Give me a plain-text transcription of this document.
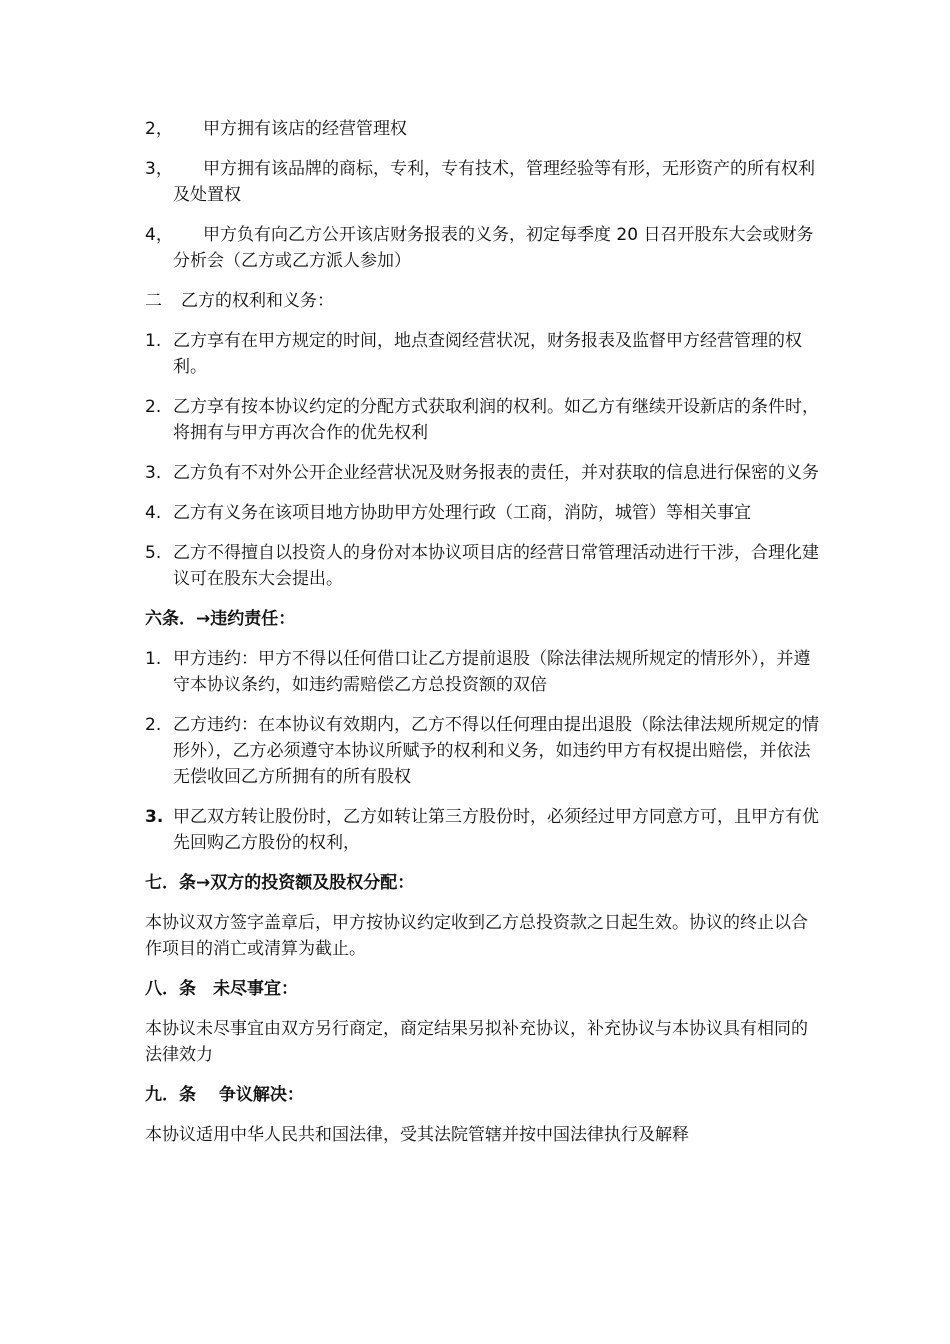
2，	甲方拥有该店的经营管理权
3，	甲方拥有该品牌的商标，专利，专有技术，管理经验等有形，无形资产的所有权利及处置权
4，	甲方负有向乙方公开该店财务报表的义务，初定每季度 20 日召开股东大会或财务分析会（乙方或乙方派人参加）
二	乙方的权利和义务：
1. 乙方享有在甲方规定的时间，地点查阅经营状况，财务报表及监督甲方经营管理的权利。
2. 乙方享有按本协议约定的分配方式获取利润的权利。如乙方有继续开设新店的条件时，将拥有与甲方再次合作的优先权利
3. 乙方负有不对外公开企业经营状况及财务报表的责任，并对获取的信息进行保密的义务
4. 乙方有义务在该项目地方协助甲方处理行政（工商，消防，城管）等相关事宜
5. 乙方不得擅自以投资人的身份对本协议项目店的经营日常管理活动进行干涉，合理化建议可在股东大会提出。
六条．→违约责任：
1. 甲方违约：甲方不得以任何借口让乙方提前退股（除法律法规所规定的情形外），并遵守本协议条约，如违约需赔偿乙方总投资额的双倍
2. 乙方违约：在本协议有效期内，乙方不得以任何理由提出退股（除法律法规所规定的情形外），乙方必须遵守本协议所赋予的权利和义务，如违约甲方有权提出赔偿，并依法无偿收回乙方所拥有的所有股权
3. 甲乙双方转让股份时，乙方如转让第三方股份时，必须经过甲方同意方可，且甲方有优先回购乙方股份的权利，
七．条→双方的投资额及股权分配：
本协议双方签字盖章后，甲方按协议约定收到乙方总投资款之日起生效。协议的终止以合作项目的消亡或清算为截止。
八．条　未尽事宜：
本协议未尽事宜由双方另行商定，商定结果另拟补充协议，补充协议与本协议具有相同的法律效力
九．条　 争议解决：
本协议适用中华人民共和国法律，受其法院管辖并按中国法律执行及解释
